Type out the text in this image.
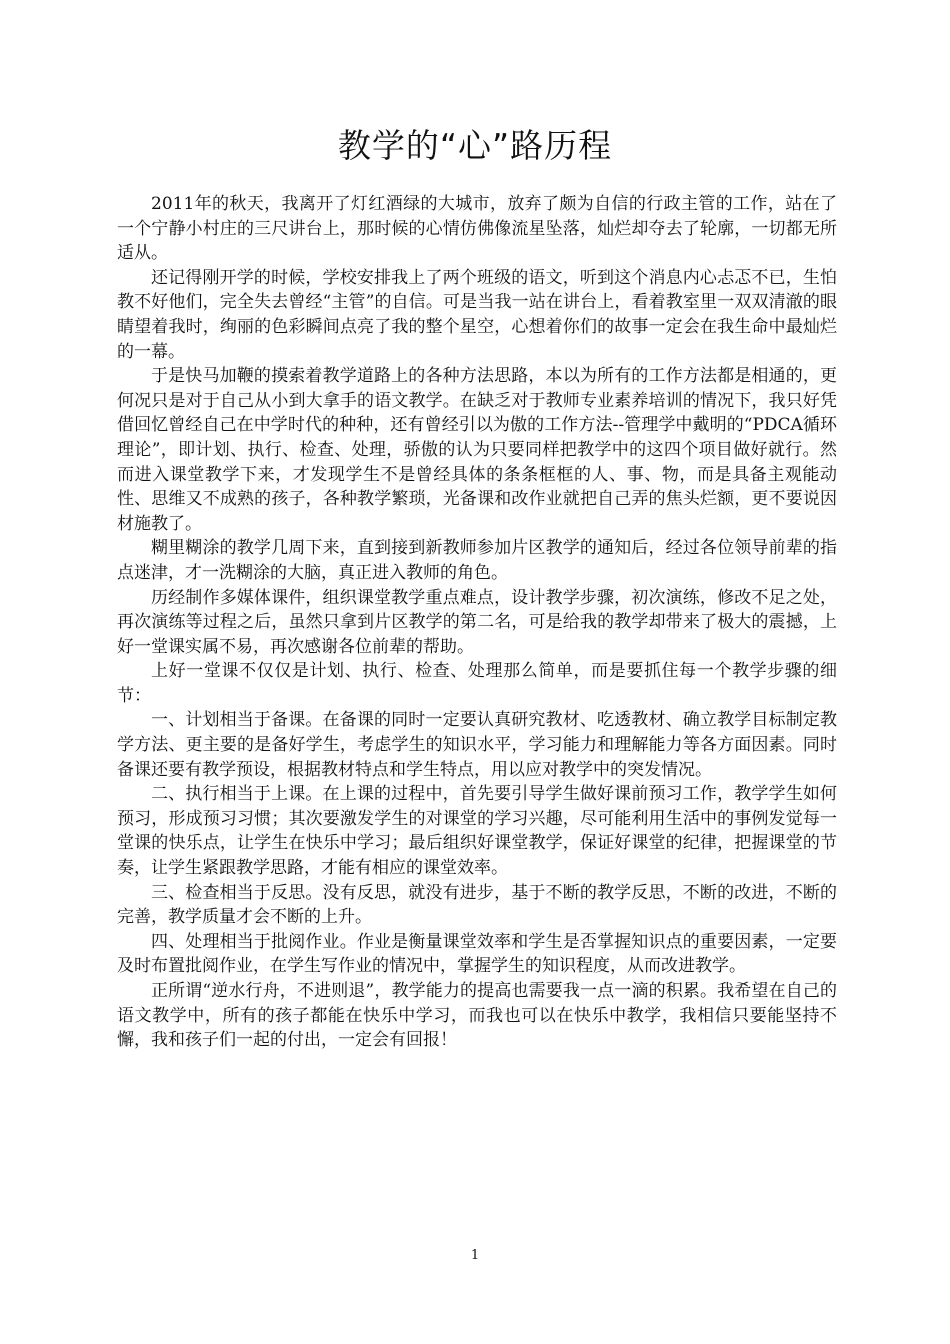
教学的“心”路历程

2011年的秋天，我离开了灯红酒绿的大城市，放弃了颇为自信的行政主管的工作，站在了一个宁静小村庄的三尺讲台上，那时候的心情仿佛像流星坠落，灿烂却夺去了轮廓，一切都无所适从。

还记得刚开学的时候，学校安排我上了两个班级的语文，听到这个消息内心忐忑不已，生怕教不好他们，完全失去曾经“主管”的自信。可是当我一站在讲台上，看着教室里一双双清澈的眼睛望着我时，绚丽的色彩瞬间点亮了我的整个星空，心想着你们的故事一定会在我生命中最灿烂的一幕。

于是快马加鞭的摸索着教学道路上的各种方法思路，本以为所有的工作方法都是相通的，更何况只是对于自己从小到大拿手的语文教学。在缺乏对于教师专业素养培训的情况下，我只好凭借回忆曾经自己在中学时代的种种，还有曾经引以为傲的工作方法--管理学中戴明的“PDCA循环理论”，即计划、执行、检查、处理，骄傲的认为只要同样把教学中的这四个项目做好就行。然而进入课堂教学下来，才发现学生不是曾经具体的条条框框的人、事、物，而是具备主观能动性、思维又不成熟的孩子，各种教学繁琐，光备课和改作业就把自己弄的焦头烂额，更不要说因材施教了。

糊里糊涂的教学几周下来，直到接到新教师参加片区教学的通知后，经过各位领导前辈的指点迷津，才一洗糊涂的大脑，真正进入教师的角色。

历经制作多媒体课件，组织课堂教学重点难点，设计教学步骤，初次演练，修改不足之处，再次演练等过程之后，虽然只拿到片区教学的第二名，可是给我的教学却带来了极大的震撼，上好一堂课实属不易，再次感谢各位前辈的帮助。

上好一堂课不仅仅是计划、执行、检查、处理那么简单，而是要抓住每一个教学步骤的细节：

一、计划相当于备课。在备课的同时一定要认真研究教材、吃透教材、确立教学目标制定教学方法、更主要的是备好学生，考虑学生的知识水平，学习能力和理解能力等各方面因素。同时备课还要有教学预设，根据教材特点和学生特点，用以应对教学中的突发情况。

二、执行相当于上课。在上课的过程中，首先要引导学生做好课前预习工作，教学学生如何预习，形成预习习惯；其次要激发学生的对课堂的学习兴趣，尽可能利用生活中的事例发觉每一堂课的快乐点，让学生在快乐中学习；最后组织好课堂教学，保证好课堂的纪律，把握课堂的节奏，让学生紧跟教学思路，才能有相应的课堂效率。

三、检查相当于反思。没有反思，就没有进步，基于不断的教学反思，不断的改进，不断的完善，教学质量才会不断的上升。

四、处理相当于批阅作业。作业是衡量课堂效率和学生是否掌握知识点的重要因素，一定要及时布置批阅作业，在学生写作业的情况中，掌握学生的知识程度，从而改进教学。

正所谓“逆水行舟，不进则退”，教学能力的提高也需要我一点一滴的积累。我希望在自己的语文教学中，所有的孩子都能在快乐中学习，而我也可以在快乐中教学，我相信只要能坚持不懈，我和孩子们一起的付出，一定会有回报！

1
